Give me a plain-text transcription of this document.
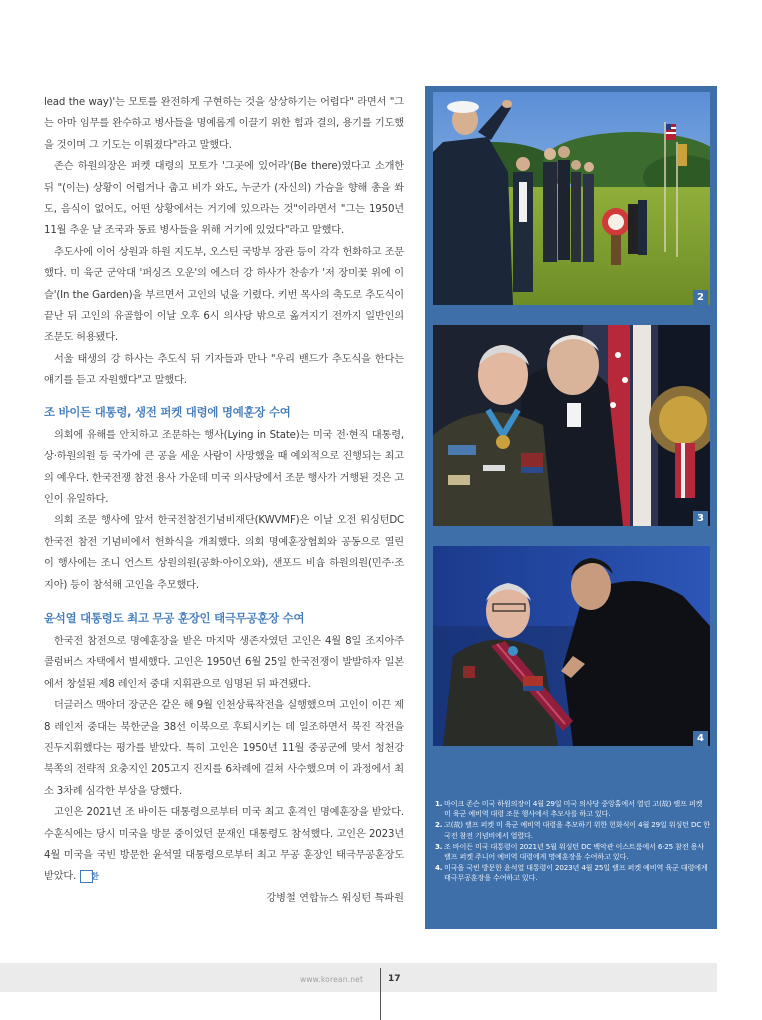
lead the way)'는 모토를 완전하게 구현하는 것을 상상하기는 어렵다" 라면서 "그는 아마 임무를 완수하고 병사들을 명예롭게 이끌기 위한 힘과 결의, 용기를 기도했을 것이며 그 기도는 이뤄졌다"라고 말했다.

존슨 하원의장은 퍼켓 대령의 모토가 '그곳에 있어라'(Be there)였다고 소개한 뒤 "(이는) 상황이 어렵거나 춥고 비가 와도, 누군가 (자신의) 가슴을 향해 총을 쏴도, 음식이 없어도, 어떤 상황에서는 거기에 있으라는 것"이라면서 "그는 1950년 11월 추운 날 조국과 동료 병사들을 위해 거기에 있었다"라고 말했다.

추도사에 이어 상원과 하원 지도부, 오스틴 국방부 장관 등이 각각 헌화하고 조문했다. 미 육군 군악대 '퍼싱즈 오운'의 에스더 강 하사가 찬송가 '저 장미꽃 위에 이슬'(In the Garden)을 부르면서 고인의 넋을 기렸다. 키번 목사의 축도로 추도식이 끝난 뒤 고인의 유골함이 이날 오후 6시 의사당 밖으로 옮겨지기 전까지 일반인의 조문도 허용됐다.

서울 태생의 강 하사는 추도식 뒤 기자들과 만나 "우리 밴드가 추도식을 한다는 얘기를 듣고 자원했다"고 말했다.

조 바이든 대통령, 생전 퍼켓 대령에 명예훈장 수여

의회에 유해를 안치하고 조문하는 행사(Lying in State)는 미국 전·현직 대통령, 상·하원의원 등 국가에 큰 공을 세운 사람이 사망했을 때 예외적으로 진행되는 최고의 예우다. 한국전쟁 참전 용사 가운데 미국 의사당에서 조문 행사가 거행된 것은 고인이 유일하다.

의회 조문 행사에 앞서 한국전참전기념비재단(KWVMF)은 이날 오전 워싱턴DC 한국전 참전 기념비에서 헌화식을 개최했다. 의회 명예훈장협회와 공동으로 열린 이 행사에는 조니 언스트 상원의원(공화·아이오와), 샌포드 비숍 하원의원(민주·조지아) 등이 참석해 고인을 추모했다.

윤석열 대통령도 최고 무공 훈장인 태극무공훈장 수여

한국전 참전으로 명예훈장을 받은 마지막 생존자였던 고인은 4월 8일 조지아주 콜럼버스 자택에서 별세했다. 고인은 1950년 6월 25일 한국전쟁이 발발하자 일본에서 창설된 제8 레인저 중대 지휘관으로 임명된 뒤 파견됐다.

더글러스 맥아더 장군은 같은 해 9월 인천상륙작전을 실행했으며 고인이 이끈 제8 레인저 중대는 북한군을 38선 이북으로 후퇴시키는 데 일조하면서 북진 작전을 진두지휘했다는 평가를 받았다. 특히 고인은 1950년 11월 중공군에 맞서 청천강 북쪽의 전략적 요충지인 205고지 진지를 6차례에 걸쳐 사수했으며 이 과정에서 최소 3차례 심각한 부상을 당했다.

고인은 2021년 조 바이든 대통령으로부터 미국 최고 훈격인 명예훈장을 받았다. 수훈식에는 당시 미국을 방문 중이었던 문재인 대통령도 참석했다. 고인은 2023년 4월 미국을 국빈 방문한 윤석열 대통령으로부터 최고 무공 훈장인 태극무공훈장도 받았다. 한

강병철 연합뉴스 워싱턴 특파원
2
3
4
1. 마이크 존슨 미국 하원의장이 4월 29일 미국 의사당 중앙홀에서 열린 고(故) 랠프 퍼켓 미 육군 예비역 대령 조문 행사에서 추모사를 하고 있다.
2. 고(故) 랠프 퍼켓 미 육군 예비역 대령을 추모하기 위한 헌화식이 4월 29일 워싱턴 DC 한국전 참전 기념비에서 열렸다.
3. 조 바이든 미국 대통령이 2021년 5월 워싱턴 DC 백악관 이스트룸에서 6·25 참전 용사 랠프 퍼켓 주니어 예비역 대령에게 명예훈장을 수여하고 있다.
4. 미국을 국빈 방문한 윤석열 대통령이 2023년 4월 25일 랠프 퍼켓 예비역 육군 대령에게 태극무공훈장을 수여하고 있다.
www.korean.net	17
